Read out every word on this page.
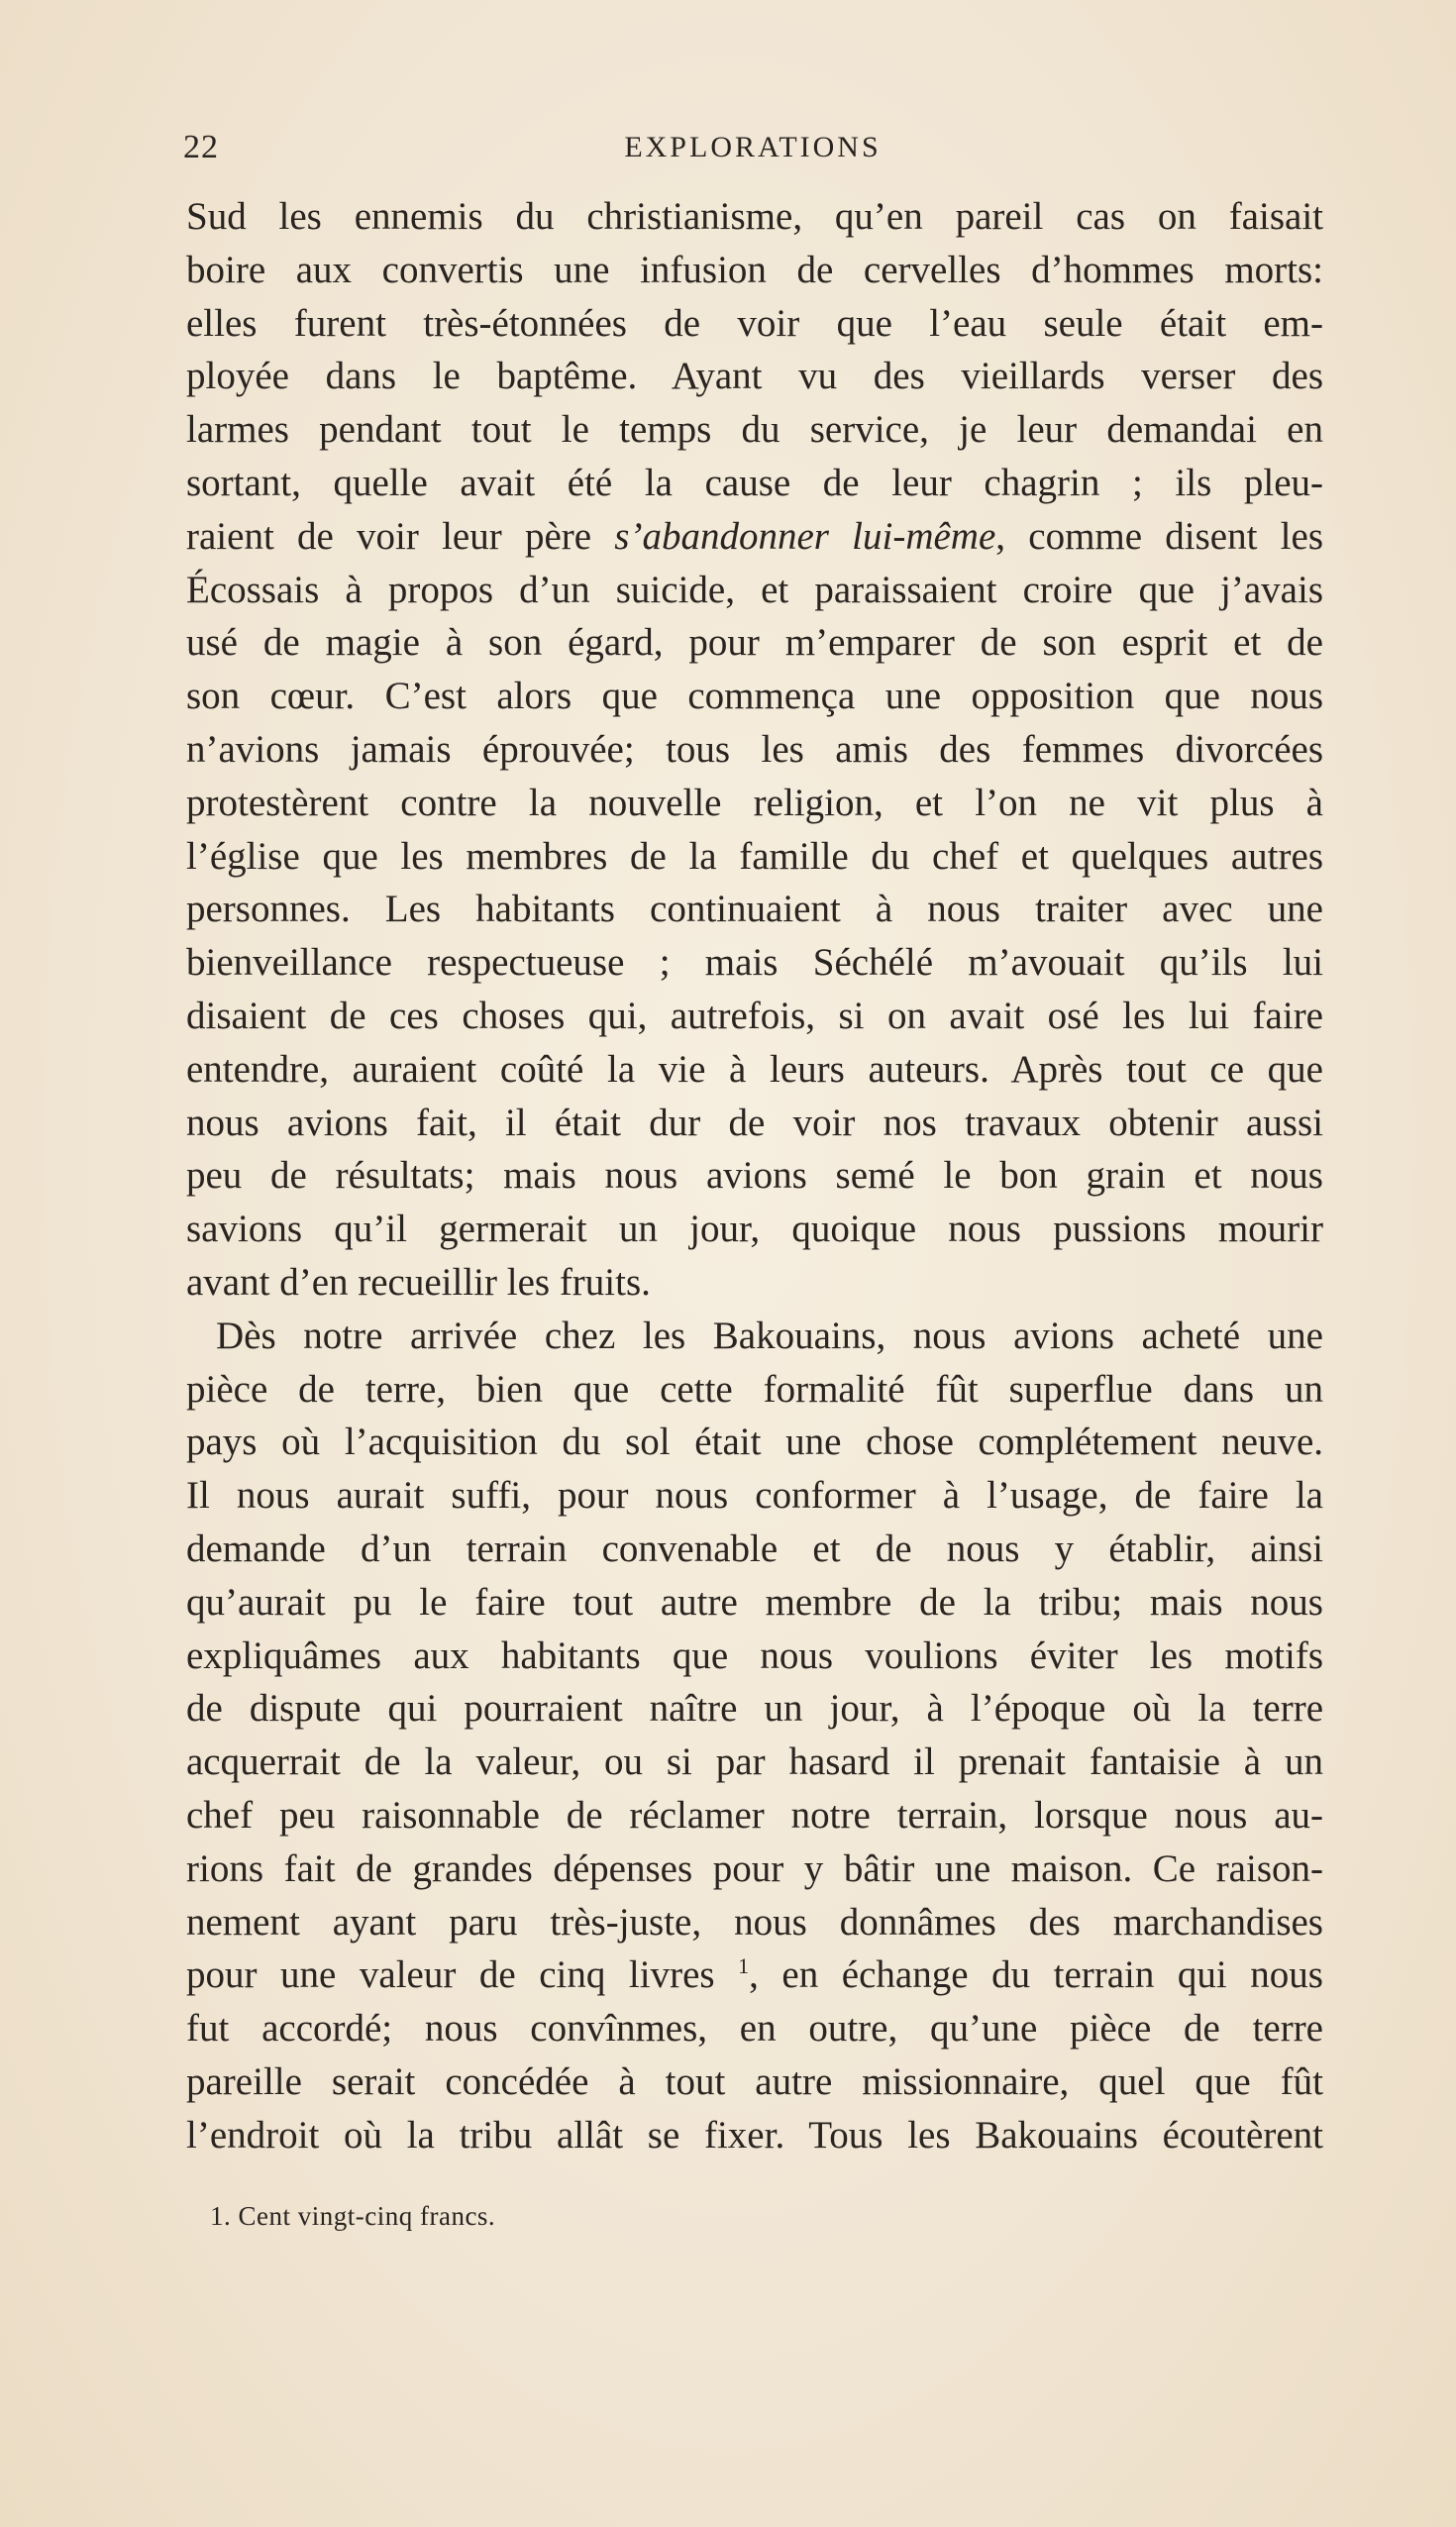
22	EXPLORATIONS
Sud les ennemis du christianisme, qu’en pareil cas on faisait
boire aux convertis une infusion de cervelles d’hommes morts:
elles furent très-étonnées de voir que l’eau seule était em-
ployée dans le baptême. Ayant vu des vieillards verser des
larmes pendant tout le temps du service, je leur demandai en
sortant, quelle avait été la cause de leur chagrin ; ils pleu-
raient de voir leur père s’abandonner lui-même, comme disent les
Écossais à propos d’un suicide, et paraissaient croire que j’avais
usé de magie à son égard, pour m’emparer de son esprit et de
son cœur. C’est alors que commença une opposition que nous
n’avions jamais éprouvée; tous les amis des femmes divorcées
protestèrent contre la nouvelle religion, et l’on ne vit plus à
l’église que les membres de la famille du chef et quelques autres
personnes. Les habitants continuaient à nous traiter avec une
bienveillance respectueuse ; mais Séchélé m’avouait qu’ils lui
disaient de ces choses qui, autrefois, si on avait osé les lui faire
entendre, auraient coûté la vie à leurs auteurs. Après tout ce que
nous avions fait, il était dur de voir nos travaux obtenir aussi
peu de résultats; mais nous avions semé le bon grain et nous
savions qu’il germerait un jour, quoique nous pussions mourir
avant d’en recueillir les fruits.
Dès notre arrivée chez les Bakouains, nous avions acheté une
pièce de terre, bien que cette formalité fût superflue dans un
pays où l’acquisition du sol était une chose complétement neuve.
Il nous aurait suffi, pour nous conformer à l’usage, de faire la
demande d’un terrain convenable et de nous y établir, ainsi
qu’aurait pu le faire tout autre membre de la tribu; mais nous
expliquâmes aux habitants que nous voulions éviter les motifs
de dispute qui pourraient naître un jour, à l’époque où la terre
acquerrait de la valeur, ou si par hasard il prenait fantaisie à un
chef peu raisonnable de réclamer notre terrain, lorsque nous au-
rions fait de grandes dépenses pour y bâtir une maison. Ce raison-
nement ayant paru très-juste, nous donnâmes des marchandises
pour une valeur de cinq livres $^1$, en échange du terrain qui nous
fut accordé; nous convînmes, en outre, qu’une pièce de terre
pareille serait concédée à tout autre missionnaire, quel que fût
l’endroit où la tribu allât se fixer. Tous les Bakouains écoutèrent
1. Cent vingt-cinq francs.
